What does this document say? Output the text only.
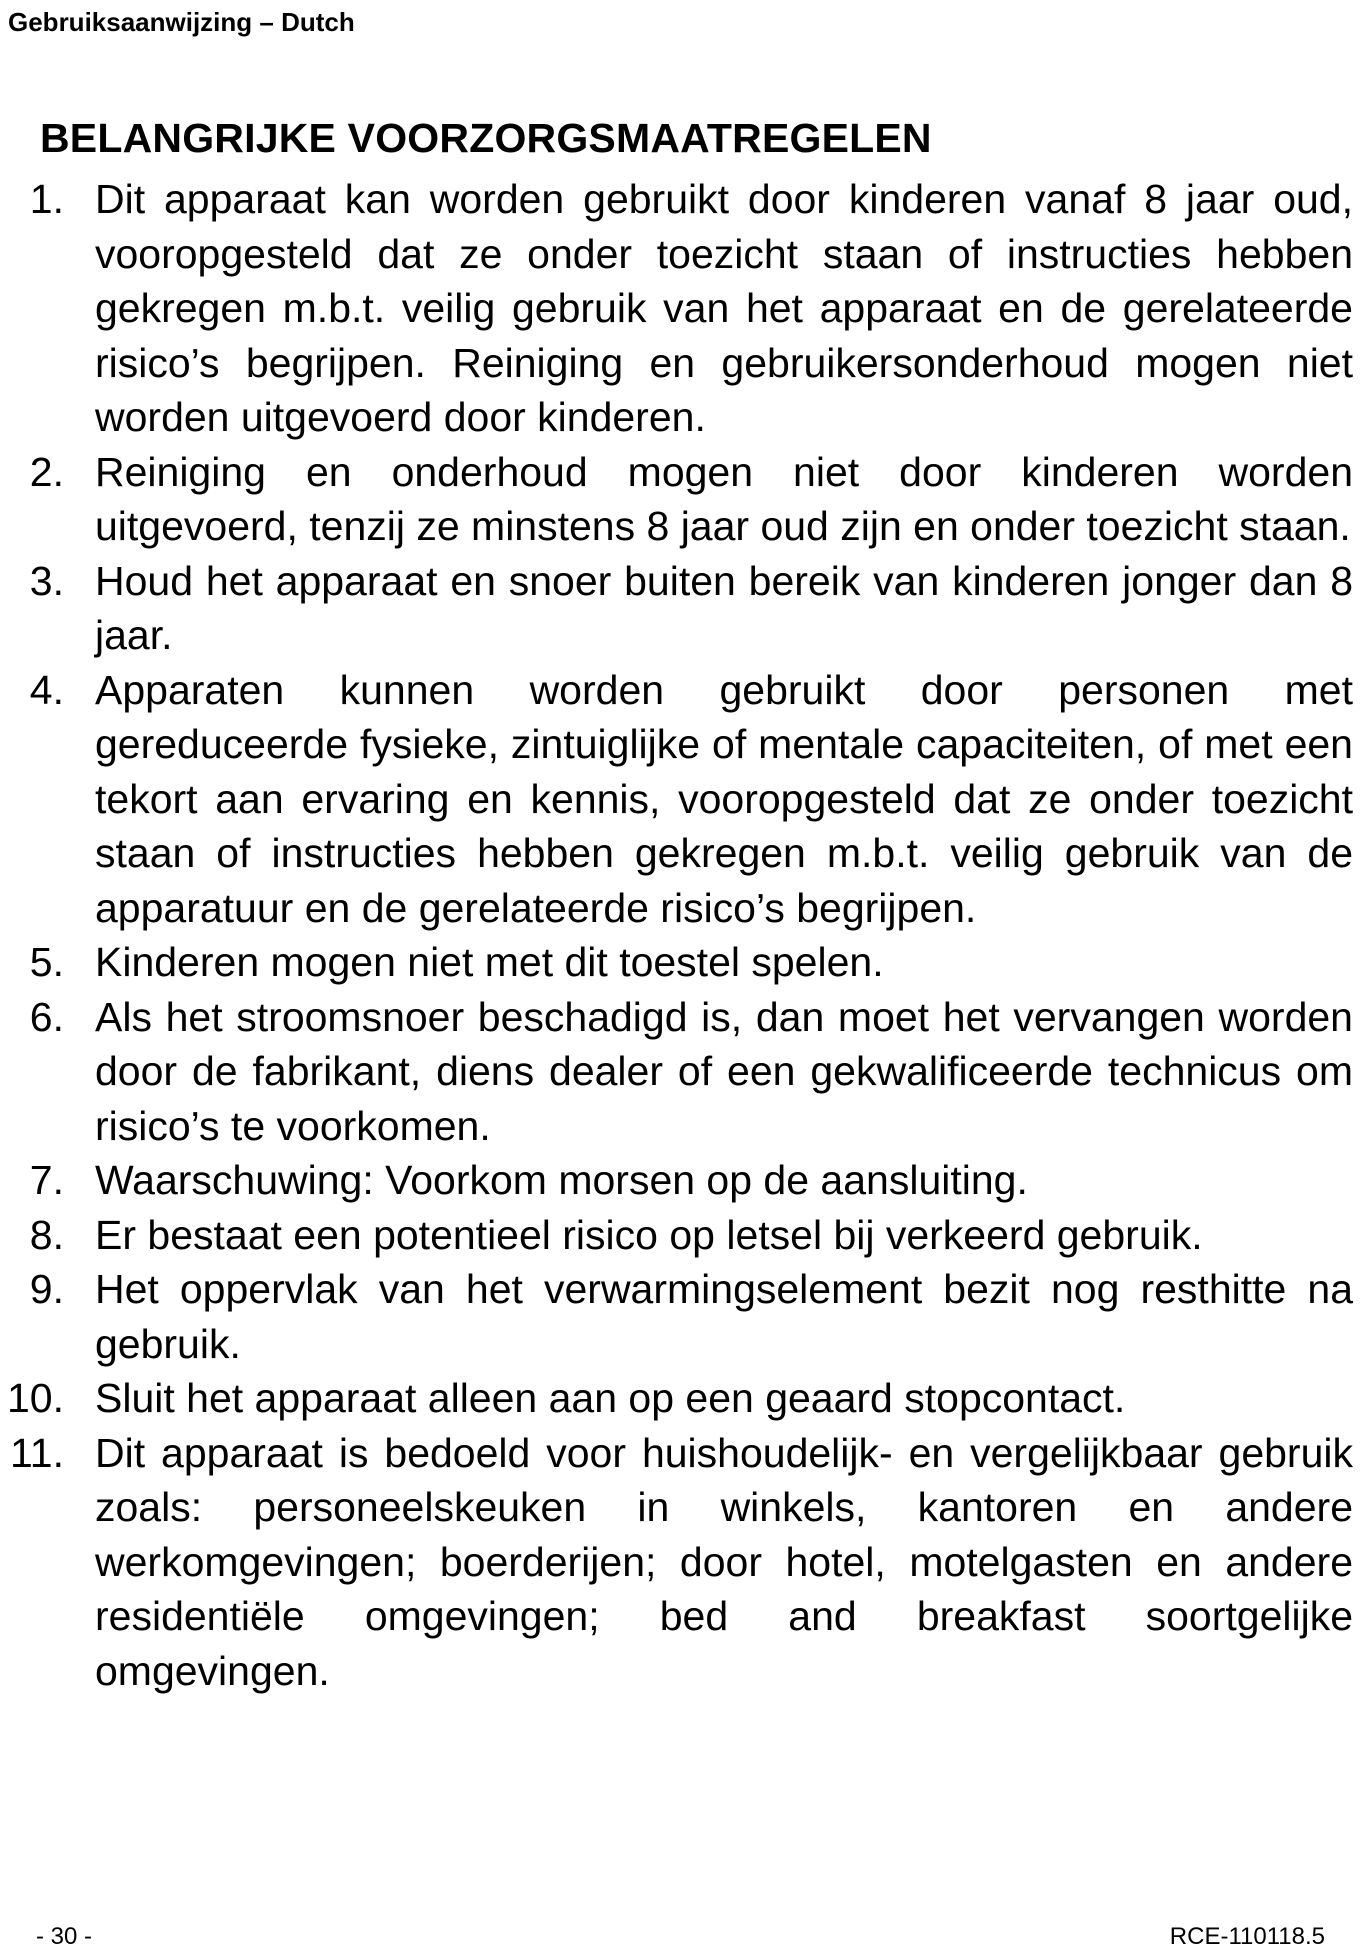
Gebruiksaanwijzing – Dutch
BELANGRIJKE VOORZORGSMAATREGELEN
1. Dit apparaat kan worden gebruikt door kinderen vanaf 8 jaar oud, vooropgesteld dat ze onder toezicht staan of instructies hebben gekregen m.b.t. veilig gebruik van het apparaat en de gerelateerde risico’s begrijpen. Reiniging en gebruikersonderhoud mogen niet worden uitgevoerd door kinderen.
2. Reiniging en onderhoud mogen niet door kinderen worden uitgevoerd, tenzij ze minstens 8 jaar oud zijn en onder toezicht staan.
3. Houd het apparaat en snoer buiten bereik van kinderen jonger dan 8 jaar.
4. Apparaten kunnen worden gebruikt door personen met gereduceerde fysieke, zintuiglijke of mentale capaciteiten, of met een tekort aan ervaring en kennis, vooropgesteld dat ze onder toezicht staan of instructies hebben gekregen m.b.t. veilig gebruik van de apparatuur en de gerelateerde risico’s begrijpen.
5. Kinderen mogen niet met dit toestel spelen.
6. Als het stroomsnoer beschadigd is, dan moet het vervangen worden door de fabrikant, diens dealer of een gekwalificeerde technicus om risico’s te voorkomen.
7. Waarschuwing: Voorkom morsen op de aansluiting.
8. Er bestaat een potentieel risico op letsel bij verkeerd gebruik.
9. Het oppervlak van het verwarmingselement bezit nog resthitte na gebruik.
10. Sluit het apparaat alleen aan op een geaard stopcontact.
11. Dit apparaat is bedoeld voor huishoudelijk- en vergelijkbaar gebruik zoals: personeelskeuken in winkels, kantoren en andere werkomgevingen; boerderijen; door hotel, motelgasten en andere residentiële omgevingen; bed and breakfast soortgelijke omgevingen.
- 30 -	RCE-110118.5
